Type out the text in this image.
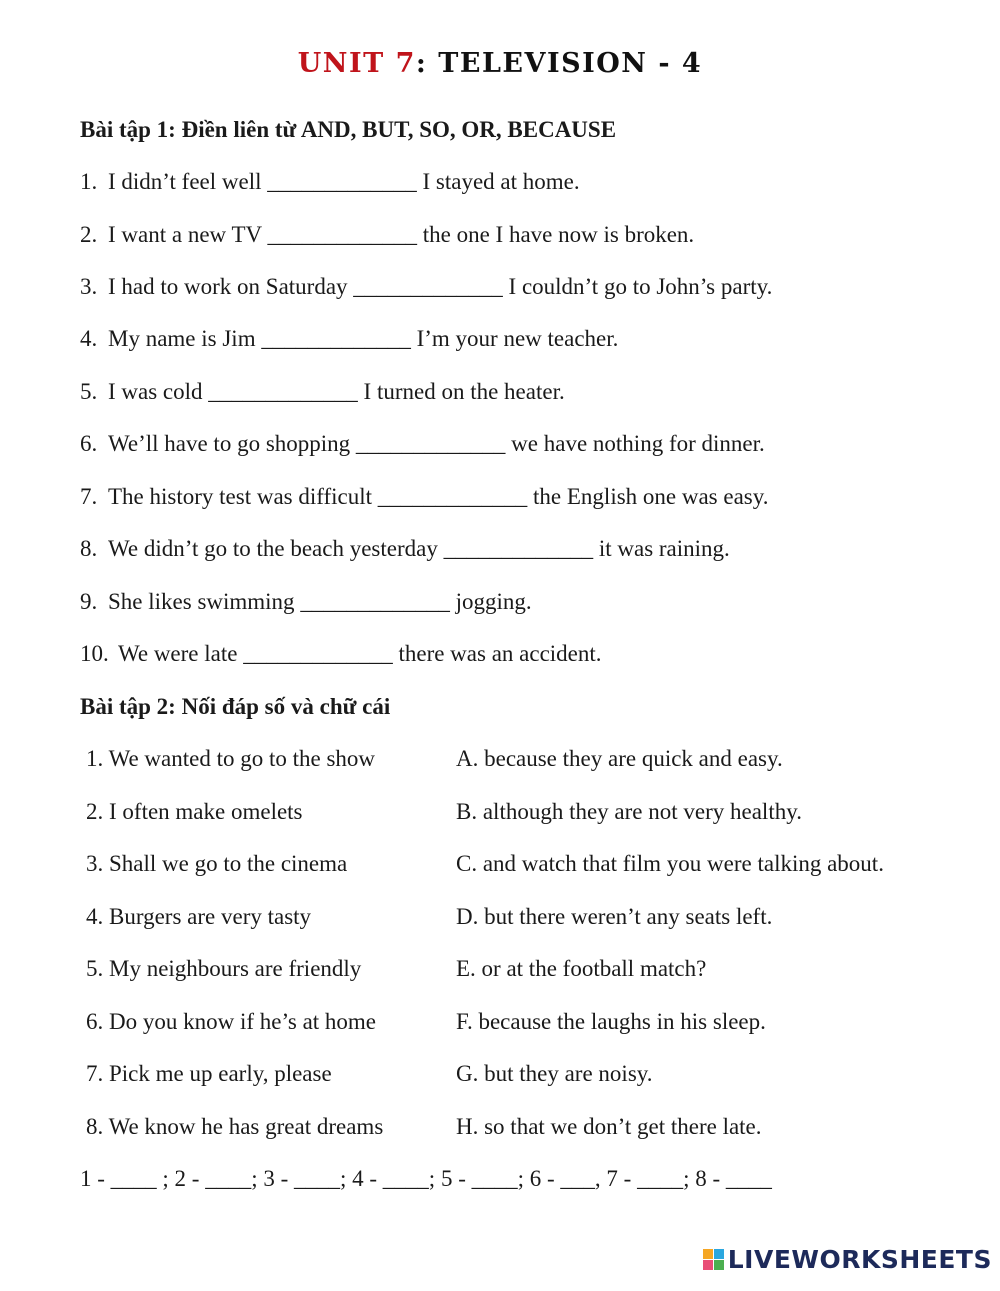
UNIT 7: TELEVISION - 4
Bài tập 1: Điền liên từ AND, BUT, SO, OR, BECAUSE
1. I didn’t feel well _____________ I stayed at home.
2. I want a new TV _____________ the one I have now is broken.
3. I had to work on Saturday _____________ I couldn’t go to John’s party.
4. My name is Jim _____________ I’m your new teacher.
5. I was cold _____________ I turned on the heater.
6. We’ll have to go shopping _____________ we have nothing for dinner.
7. The history test was difficult _____________ the English one was easy.
8. We didn’t go to the beach yesterday _____________ it was raining.
9. She likes swimming _____________ jogging.
10. We were late _____________ there was an accident.
Bài tập 2: Nối đáp số và chữ cái
1. We wanted to go to the show	A. because they are quick and easy.
2. I often make omelets	B. although they are not very healthy.
3. Shall we go to the cinema	C. and watch that film you were talking about.
4. Burgers are very tasty	D. but there weren’t any seats left.
5. My neighbours are friendly	E. or at the football match?
6. Do you know if he’s at home	F. because the laughs in his sleep.
7. Pick me up early, please	G. but they are noisy.
8. We know he has great dreams	H. so that we don’t get there late.
1 - ____ ; 2 - ____; 3 - ____; 4 - ____; 5 - ____; 6 - ___, 7 - ____; 8 - ____
LIVEWORKSHEETS
